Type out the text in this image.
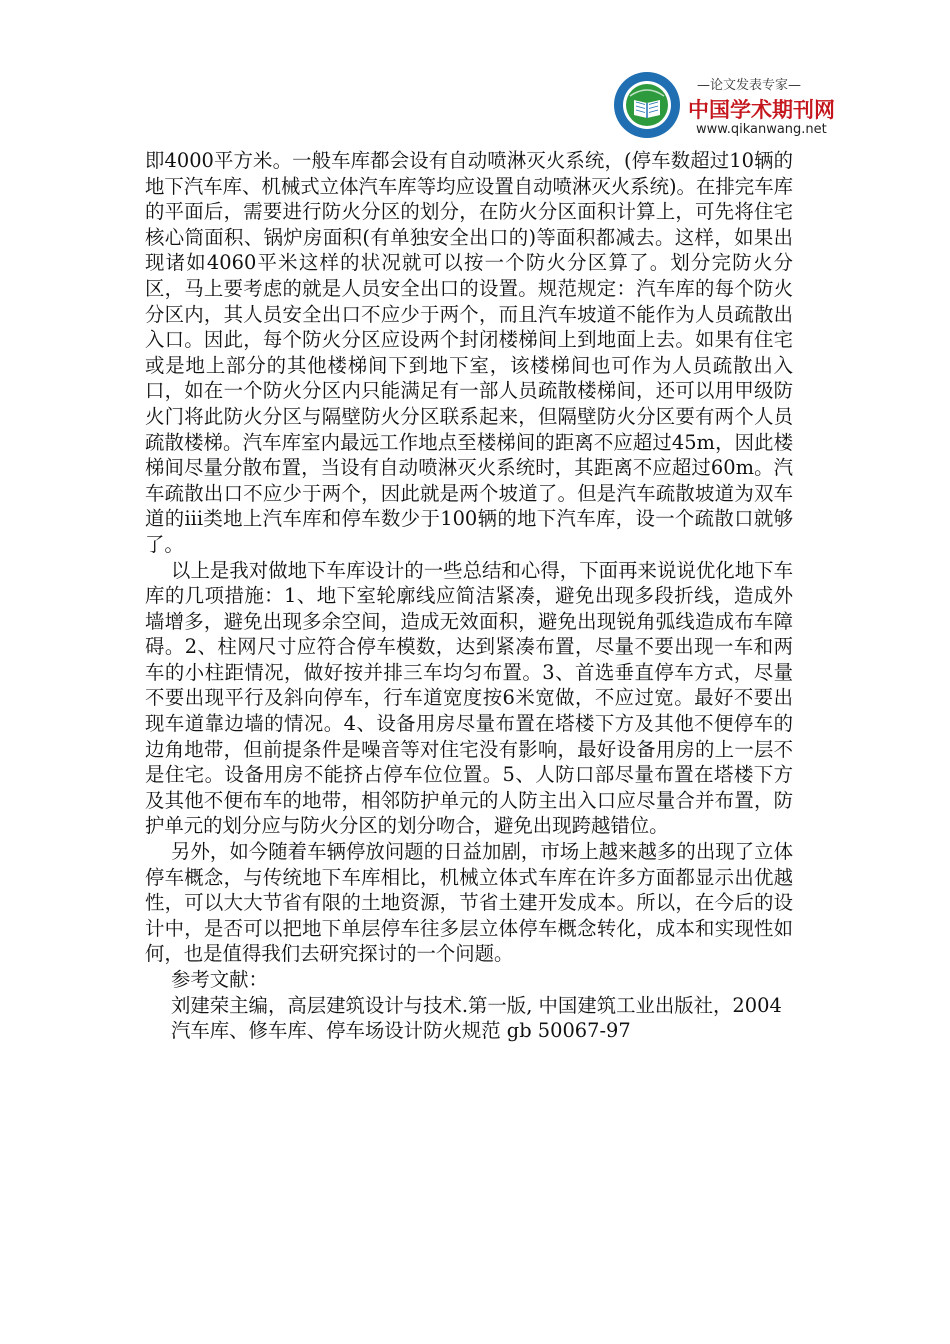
—论文发表专家—
中国学术期刊网
www.qikanwang.net

即4000平方米。一般车库都会设有自动喷淋灭火系统，(停车数超过10辆的地下汽车库、机械式立体汽车库等均应设置自动喷淋灭火系统)。在排完车库的平面后，需要进行防火分区的划分，在防火分区面积计算上，可先将住宅核心筒面积、锅炉房面积(有单独安全出口的)等面积都减去。这样，如果出现诸如4060平米这样的状况就可以按一个防火分区算了。划分完防火分区，马上要考虑的就是人员安全出口的设置。规范规定：汽车库的每个防火分区内，其人员安全出口不应少于两个，而且汽车坡道不能作为人员疏散出入口。因此，每个防火分区应设两个封闭楼梯间上到地面上去。如果有住宅或是地上部分的其他楼梯间下到地下室，该楼梯间也可作为人员疏散出入口，如在一个防火分区内只能满足有一部人员疏散楼梯间，还可以用甲级防火门将此防火分区与隔壁防火分区联系起来，但隔壁防火分区要有两个人员疏散楼梯。汽车库室内最远工作地点至楼梯间的距离不应超过45m，因此楼梯间尽量分散布置，当设有自动喷淋灭火系统时，其距离不应超过60m。汽车疏散出口不应少于两个，因此就是两个坡道了。但是汽车疏散坡道为双车道的iii类地上汽车库和停车数少于100辆的地下汽车库，设一个疏散口就够了。

以上是我对做地下车库设计的一些总结和心得，下面再来说说优化地下车库的几项措施：1、地下室轮廓线应简洁紧凑，避免出现多段折线，造成外墙增多，避免出现多余空间，造成无效面积，避免出现锐角弧线造成布车障碍。2、柱网尺寸应符合停车模数，达到紧凑布置，尽量不要出现一车和两车的小柱距情况，做好按并排三车均匀布置。3、首选垂直停车方式，尽量不要出现平行及斜向停车，行车道宽度按6米宽做，不应过宽。最好不要出现车道靠边墙的情况。4、设备用房尽量布置在塔楼下方及其他不便停车的边角地带，但前提条件是噪音等对住宅没有影响，最好设备用房的上一层不是住宅。设备用房不能挤占停车位位置。5、人防口部尽量布置在塔楼下方及其他不便布车的地带，相邻防护单元的人防主出入口应尽量合并布置，防护单元的划分应与防火分区的划分吻合，避免出现跨越错位。

另外，如今随着车辆停放问题的日益加剧，市场上越来越多的出现了立体停车概念，与传统地下车库相比，机械立体式车库在许多方面都显示出优越性，可以大大节省有限的土地资源，节省土建开发成本。所以，在今后的设计中，是否可以把地下单层停车往多层立体停车概念转化，成本和实现性如何，也是值得我们去研究探讨的一个问题。

参考文献：

刘建荣主编，高层建筑设计与技术.第一版, 中国建筑工业出版社，2004

汽车库、修车库、停车场设计防火规范 gb 50067-97
